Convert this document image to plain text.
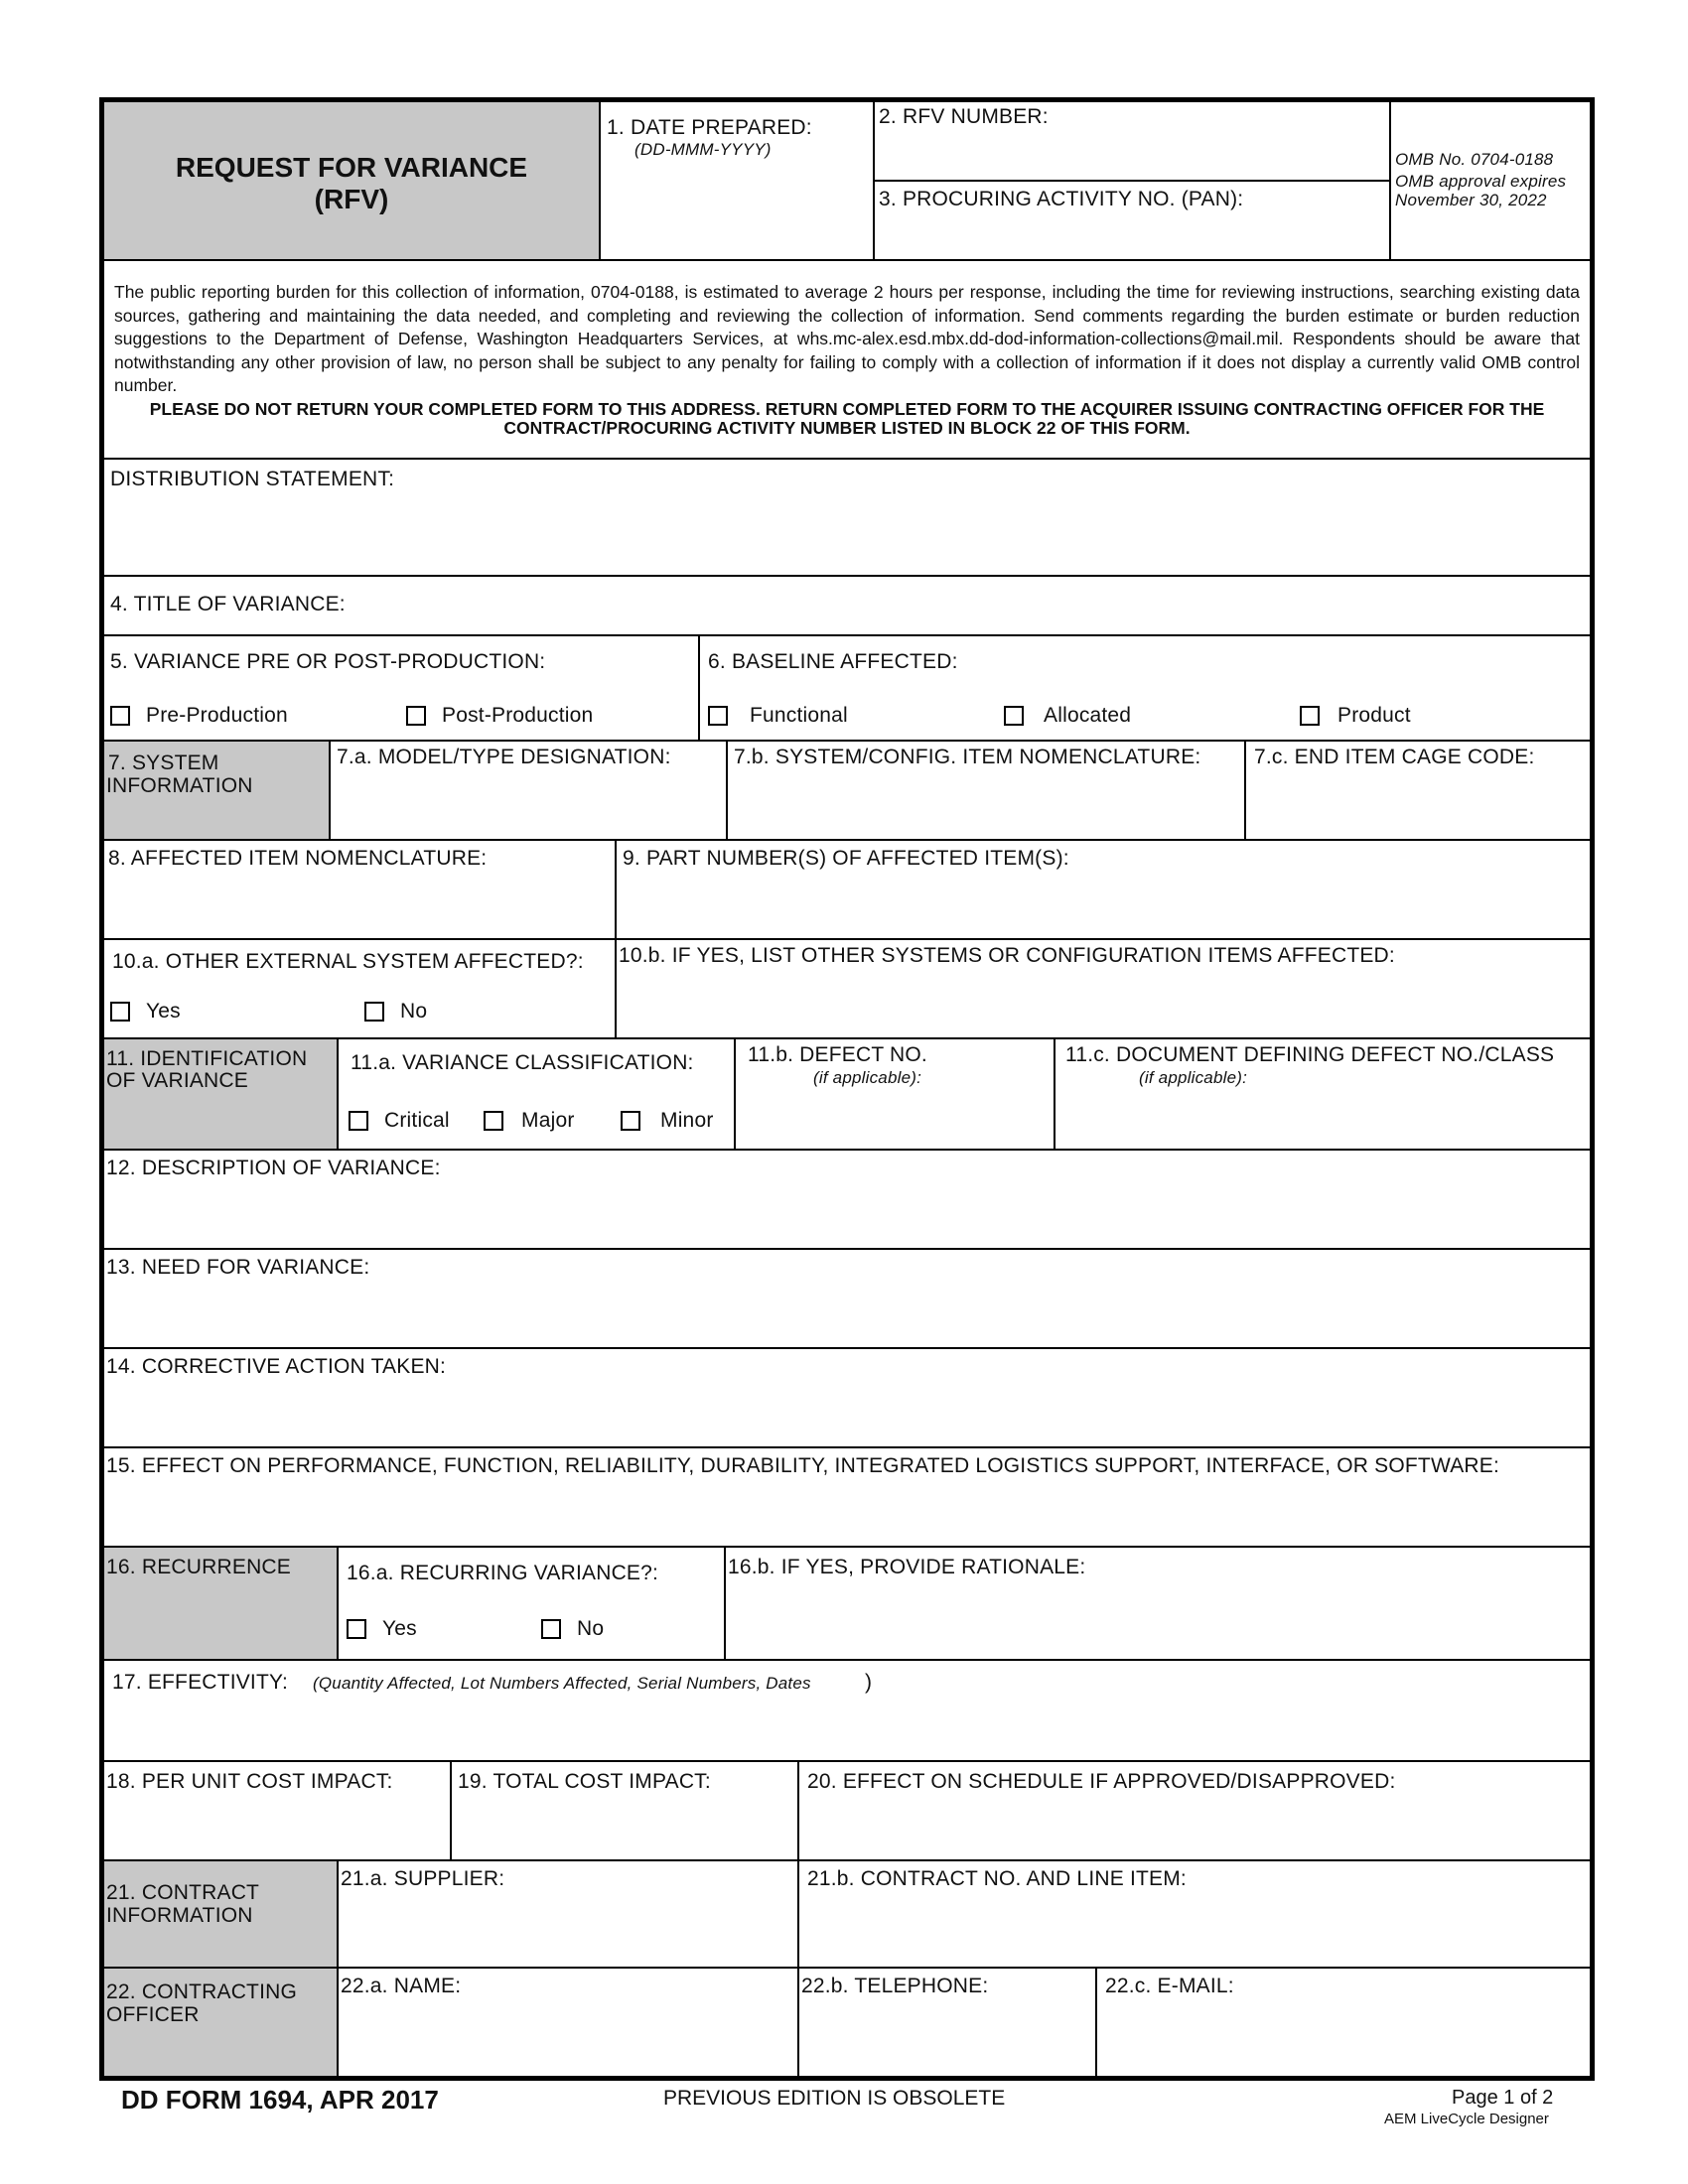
REQUEST FOR VARIANCE
(RFV)
1. DATE PREPARED:
(DD-MMM-YYYY)
2. RFV NUMBER:
3. PROCURING ACTIVITY NO. (PAN):
OMB No. 0704-0188
OMB approval expires
November 30, 2022
The public reporting burden for this collection of information, 0704-0188, is estimated to average 2 hours per response, including the time for reviewing instructions, searching existing data sources, gathering and maintaining the data needed, and completing and reviewing the collection of information. Send comments regarding the burden estimate or burden reduction suggestions to the Department of Defense, Washington Headquarters Services, at whs.mc-alex.esd.mbx.dd-dod-information-collections@mail.mil. Respondents should be aware that notwithstanding any other provision of law, no person shall be subject to any penalty for failing to comply with a collection of information if it does not display a currently valid OMB control number.
PLEASE DO NOT RETURN YOUR COMPLETED FORM TO THIS ADDRESS. RETURN COMPLETED FORM TO THE ACQUIRER ISSUING CONTRACTING OFFICER FOR THE CONTRACT/PROCURING ACTIVITY NUMBER LISTED IN BLOCK 22 OF THIS FORM.
DISTRIBUTION STATEMENT:
4. TITLE OF VARIANCE:
5. VARIANCE PRE OR POST-PRODUCTION:
Pre-Production	Post-Production
6. BASELINE AFFECTED:
Functional	Allocated	Product
7. SYSTEM
INFORMATION
7.a. MODEL/TYPE DESIGNATION:	7.b. SYSTEM/CONFIG. ITEM NOMENCLATURE:	7.c. END ITEM CAGE CODE:
8. AFFECTED ITEM NOMENCLATURE:	9. PART NUMBER(S) OF AFFECTED ITEM(S):
10.a. OTHER EXTERNAL SYSTEM AFFECTED?:
Yes	No
10.b. IF YES, LIST OTHER SYSTEMS OR CONFIGURATION ITEMS AFFECTED:
11. IDENTIFICATION
OF VARIANCE
11.a. VARIANCE CLASSIFICATION:
Critical	Major	Minor
11.b. DEFECT NO.
(if applicable):
11.c. DOCUMENT DEFINING DEFECT NO./CLASS
(if applicable):
12. DESCRIPTION OF VARIANCE:
13. NEED FOR VARIANCE:
14. CORRECTIVE ACTION TAKEN:
15. EFFECT ON PERFORMANCE, FUNCTION, RELIABILITY, DURABILITY, INTEGRATED LOGISTICS SUPPORT, INTERFACE, OR SOFTWARE:
16. RECURRENCE	16.a. RECURRING VARIANCE?:
Yes	No
16.b. IF YES, PROVIDE RATIONALE:
17. EFFECTIVITY: (Quantity Affected, Lot Numbers Affected, Serial Numbers, Dates	)
18. PER UNIT COST IMPACT:	19. TOTAL COST IMPACT:	20. EFFECT ON SCHEDULE IF APPROVED/DISAPPROVED:
21. CONTRACT
INFORMATION
21.a. SUPPLIER:	21.b. CONTRACT NO. AND LINE ITEM:
22. CONTRACTING
OFFICER
22.a. NAME:	22.b. TELEPHONE:	22.c. E-MAIL:
DD FORM 1694, APR 2017	PREVIOUS EDITION IS OBSOLETE	Page 1 of 2
AEM LiveCycle Designer
